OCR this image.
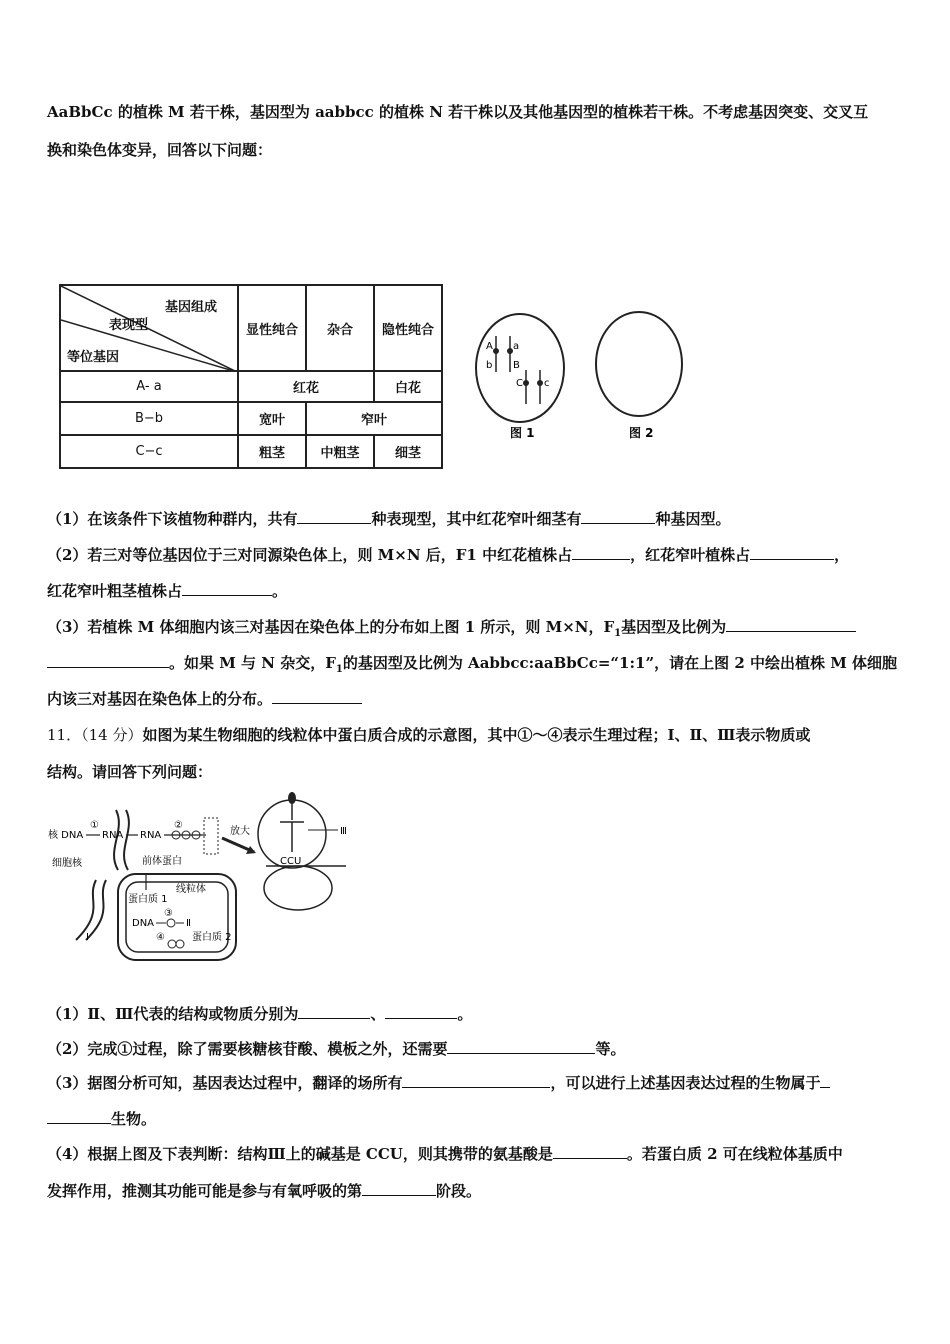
AaBbCc 的植株 M 若干株，基因型为 aabbcc 的植株 N 若干株以及其他基因型的植株若干株。不考虑基因突变、交叉互
换和染色体变异，回答以下问题：
基因组成
表现型
等位基因	显性纯合	杂合	隐性纯合
A- a	红花		白花
B−b	宽叶	窄叶	
C−c	粗茎	中粗茎	细茎
A a
b B
C c
图 1	图 2
（1）在该条件下该植物种群内，共有	种表现型，其中红花窄叶细茎有	种基因型。
（2）若三对等位基因位于三对同源染色体上，则 M×N 后，F1 中红花植株占	，红花窄叶植株占	，
红花窄叶粗茎植株占	。
（3）若植株 M 体细胞内该三对基因在染色体上的分布如上图 1 所示，则 M×N，$F_1$基因型及比例为
。如果 M 与 N 杂交，$F_1$的基因型及比例为 Aabbcc:aaBbCc=“1:1”，请在上图 2 中绘出植株 M 体细胞
内该三对基因在染色体上的分布。
11．（14 分）如图为某生物细胞的线粒体中蛋白质合成的示意图，其中①～④表示生理过程；Ⅰ、Ⅱ、Ⅲ表示物质或
结构。请回答下列问题：
核 DNA RNA
①
RNA
②
细胞核	前体蛋白
Ⅰ
线粒体
蛋白质 1
③
DNA	Ⅱ
④	蛋白质 2
放大	Ⅲ
CCU
（1）Ⅱ、Ⅲ代表的结构或物质分别为	、	。
（2）完成①过程，除了需要核糖核苷酸、模板之外，还需要	等。
（3）据图分析可知，基因表达过程中，翻译的场所有	，可以进行上述基因表达过程的生物属于
生物。
（4）根据上图及下表判断：结构Ⅲ上的碱基是 CCU，则其携带的氨基酸是	。若蛋白质 2 可在线粒体基质中
发挥作用，推测其功能可能是参与有氧呼吸的第	阶段。
